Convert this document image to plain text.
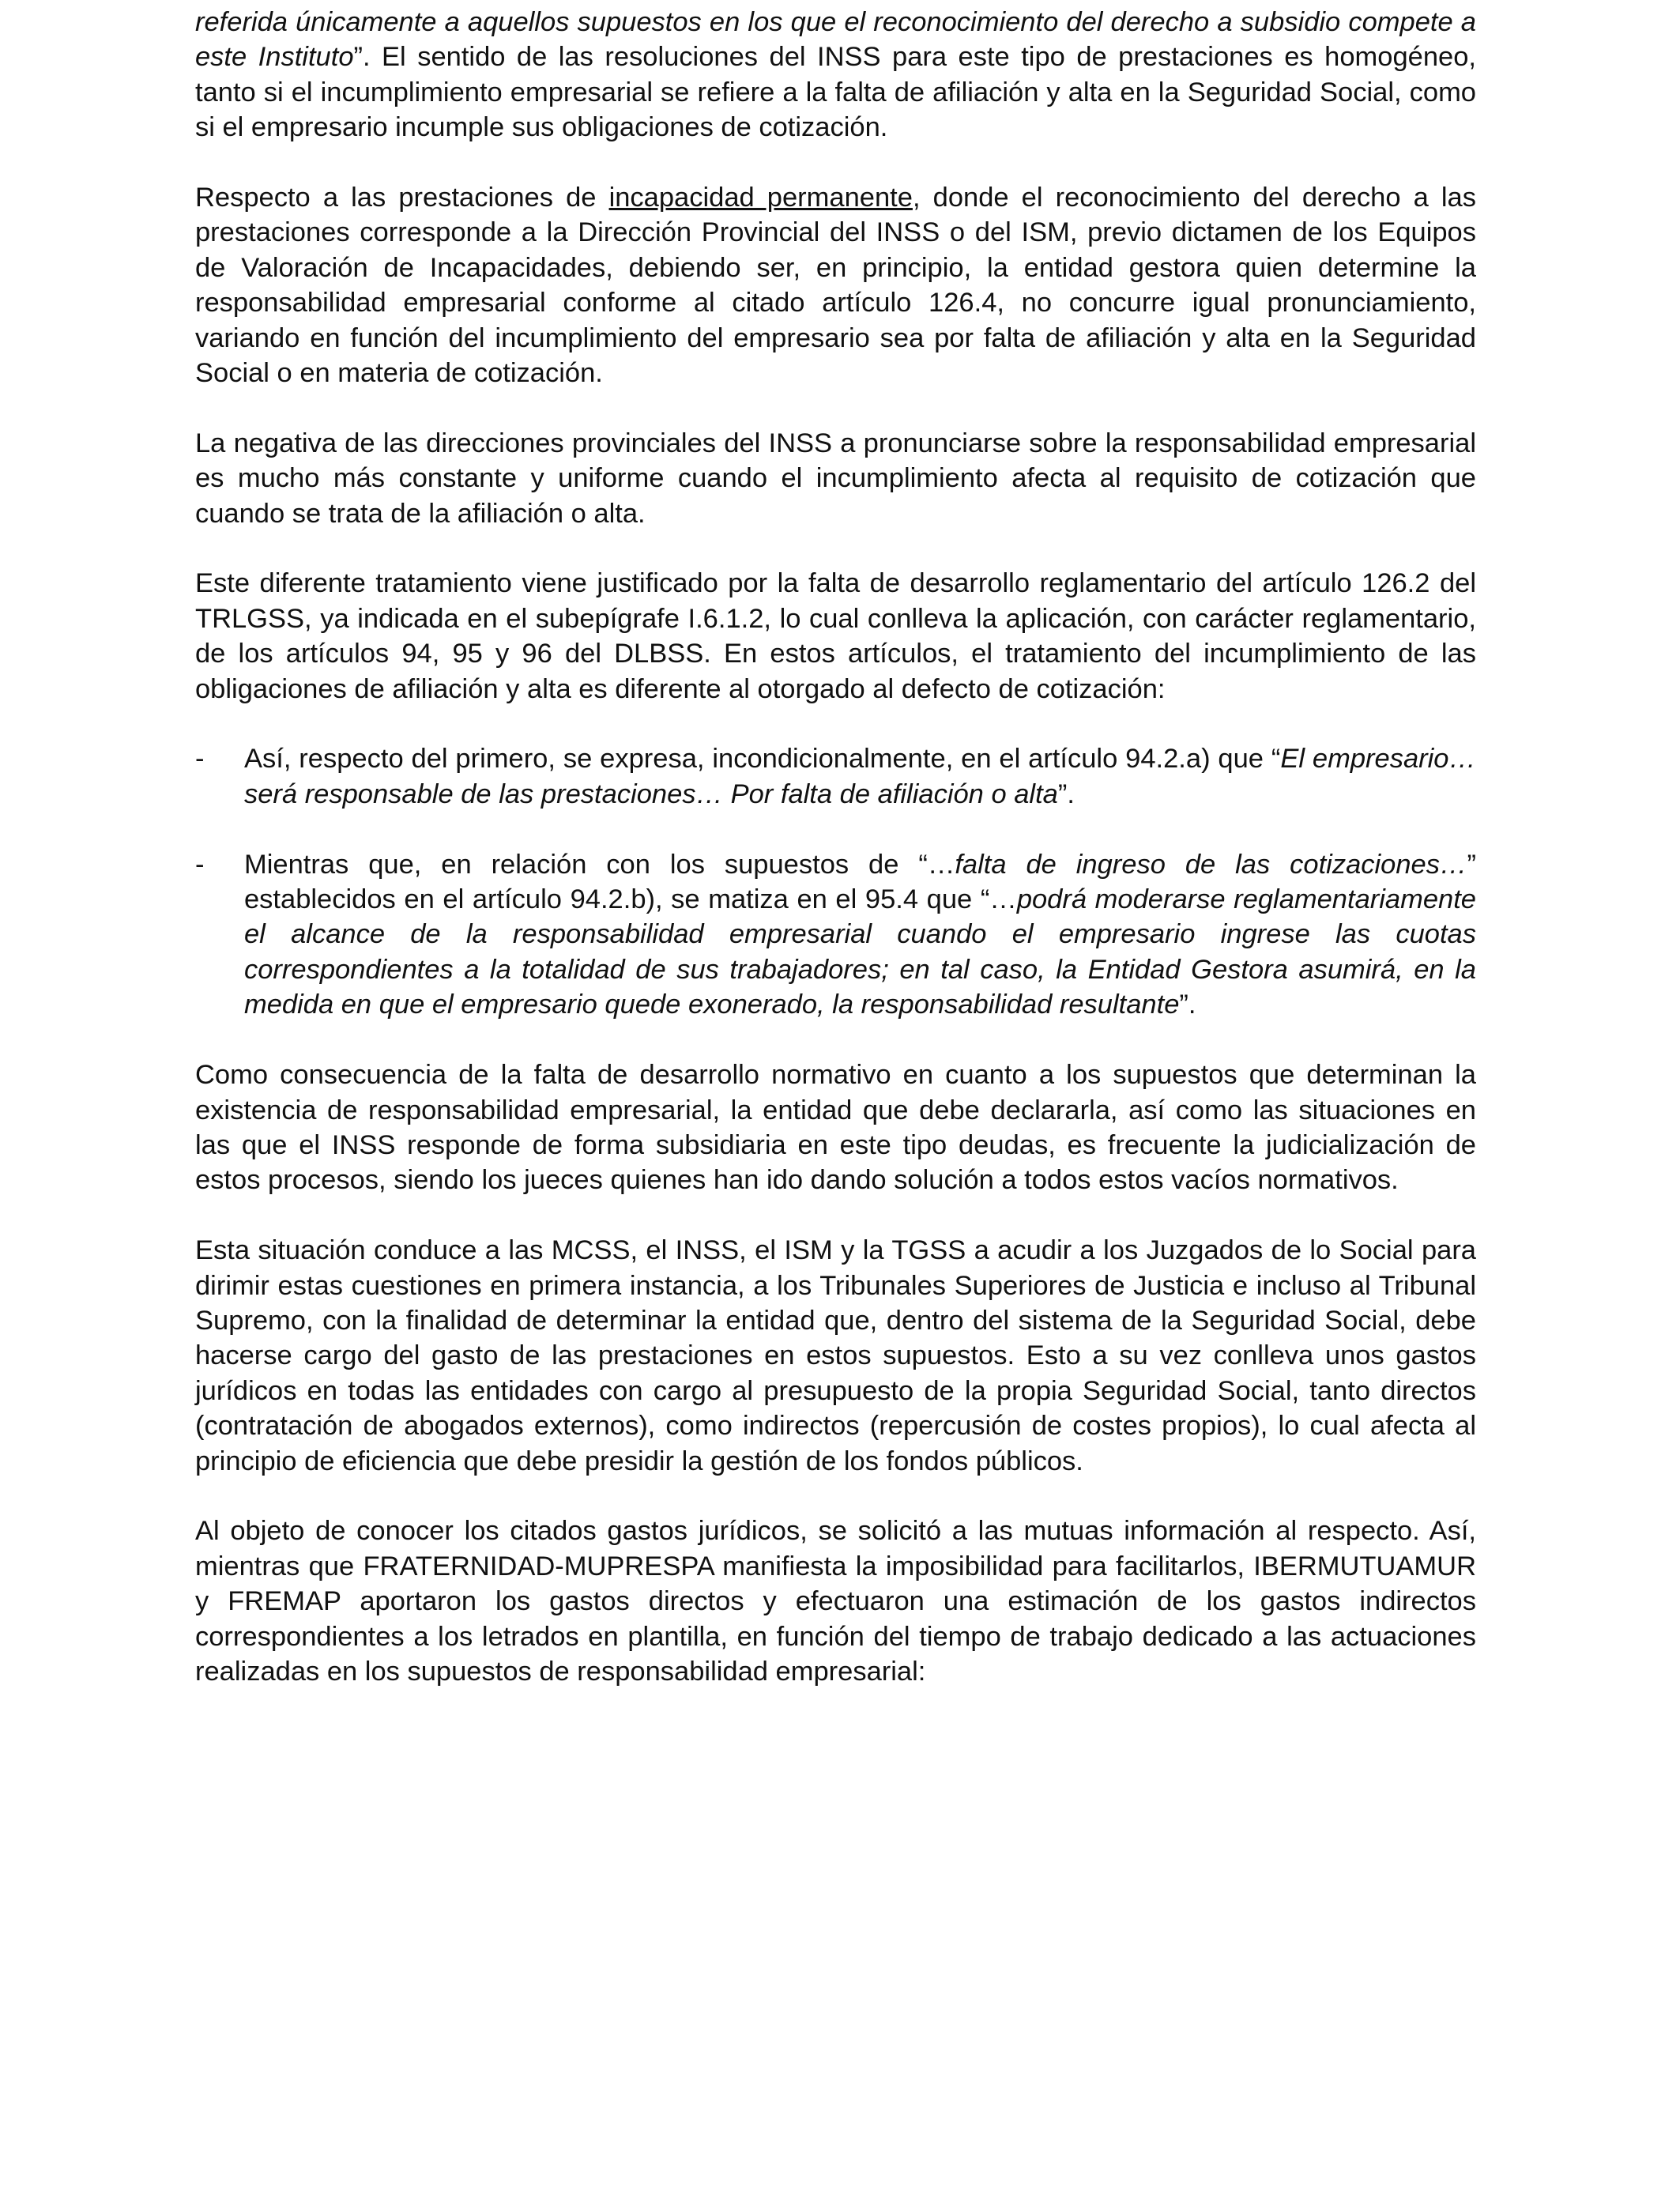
referida únicamente a aquellos supuestos en los que el reconocimiento del derecho a subsidio compete a este Instituto”. El sentido de las resoluciones del INSS para este tipo de prestaciones es homogéneo, tanto si el incumplimiento empresarial se refiere a la falta de afiliación y alta en la Seguridad Social, como si el empresario incumple sus obligaciones de cotización.

Respecto a las prestaciones de incapacidad permanente, donde el reconocimiento del derecho a las prestaciones corresponde a la Dirección Provincial del INSS o del ISM, previo dictamen de los Equipos de Valoración de Incapacidades, debiendo ser, en principio, la entidad gestora quien determine la responsabilidad empresarial conforme al citado artículo 126.4, no concurre igual pronunciamiento, variando en función del incumplimiento del empresario sea por falta de afiliación y alta en la Seguridad Social o en materia de cotización.

La negativa de las direcciones provinciales del INSS a pronunciarse sobre la responsabilidad empresarial es mucho más constante y uniforme cuando el incumplimiento afecta al requisito de cotización que cuando se trata de la afiliación o alta.

Este diferente tratamiento viene justificado por la falta de desarrollo reglamentario del artículo 126.2 del TRLGSS, ya indicada en el subepígrafe I.6.1.2, lo cual conlleva la aplicación, con carácter reglamentario, de los artículos 94, 95 y 96 del DLBSS. En estos artículos, el tratamiento del incumplimiento de las obligaciones de afiliación y alta es diferente al otorgado al defecto de cotización:

- Así, respecto del primero, se expresa, incondicionalmente, en el artículo 94.2.a) que “El empresario… será responsable de las prestaciones… Por falta de afiliación o alta”.
- Mientras que, en relación con los supuestos de “…falta de ingreso de las cotizaciones…” establecidos en el artículo 94.2.b), se matiza en el 95.4 que “…podrá moderarse reglamentariamente el alcance de la responsabilidad empresarial cuando el empresario ingrese las cuotas correspondientes a la totalidad de sus trabajadores; en tal caso, la Entidad Gestora asumirá, en la medida en que el empresario quede exonerado, la responsabilidad resultante”.

Como consecuencia de la falta de desarrollo normativo en cuanto a los supuestos que determinan la existencia de responsabilidad empresarial, la entidad que debe declararla, así como las situaciones en las que el INSS responde de forma subsidiaria en este tipo deudas, es frecuente la judicialización de estos procesos, siendo los jueces quienes han ido dando solución a todos estos vacíos normativos.

Esta situación conduce a las MCSS, el INSS, el ISM y la TGSS a acudir a los Juzgados de lo Social para dirimir estas cuestiones en primera instancia, a los Tribunales Superiores de Justicia e incluso al Tribunal Supremo, con la finalidad de determinar la entidad que, dentro del sistema de la Seguridad Social, debe hacerse cargo del gasto de las prestaciones en estos supuestos. Esto a su vez conlleva unos gastos jurídicos en todas las entidades con cargo al presupuesto de la propia Seguridad Social, tanto directos (contratación de abogados externos), como indirectos (repercusión de costes propios), lo cual afecta al principio de eficiencia que debe presidir la gestión de los fondos públicos.

Al objeto de conocer los citados gastos jurídicos, se solicitó a las mutuas información al respecto. Así, mientras que FRATERNIDAD-MUPRESPA manifiesta la imposibilidad para facilitarlos, IBERMUTUAMUR y FREMAP aportaron los gastos directos y efectuaron una estimación de los gastos indirectos correspondientes a los letrados en plantilla, en función del tiempo de trabajo dedicado a las actuaciones realizadas en los supuestos de responsabilidad empresarial:
